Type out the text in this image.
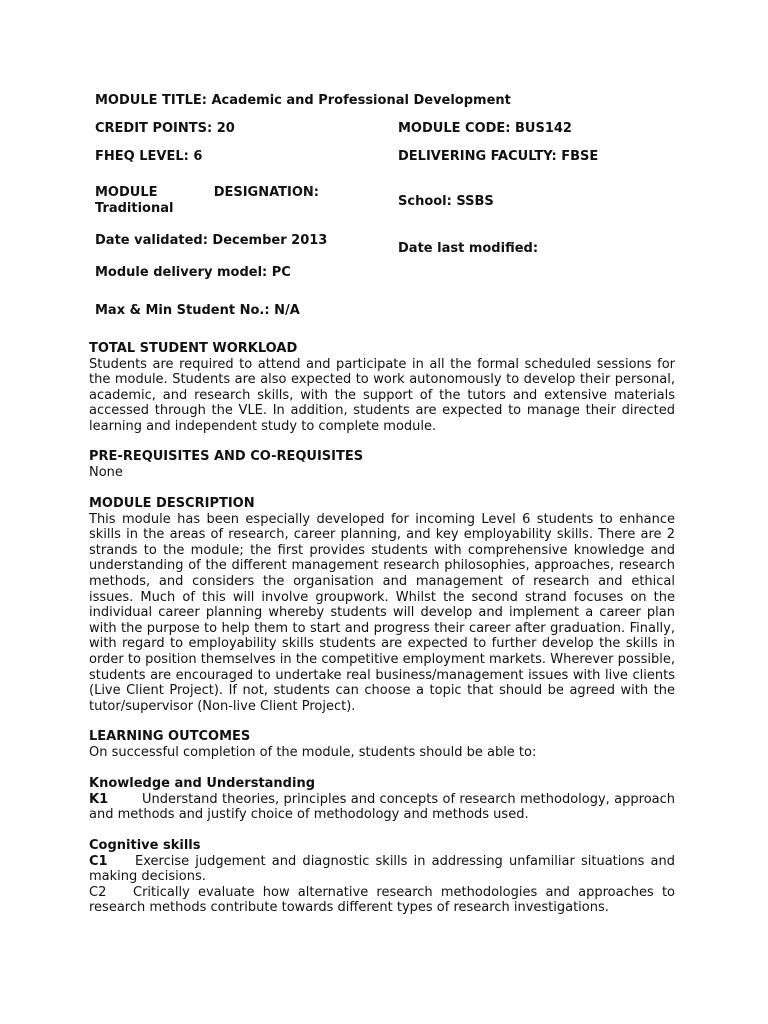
MODULE TITLE: Academic and Professional Development
CREDIT POINTS: 20	MODULE CODE: BUS142
FHEQ LEVEL: 6	DELIVERING FACULTY: FBSE
MODULE	DESIGNATION:
Traditional	School: SSBS
Date validated: December 2013
Date last modified:
Module delivery model: PC
Max & Min Student No.: N/A
TOTAL STUDENT WORKLOAD
Students are required to attend and participate in all the formal scheduled sessions for the module. Students are also expected to work autonomously to develop their personal, academic, and research skills, with the support of the tutors and extensive materials accessed through the VLE. In addition, students are expected to manage their directed learning and independent study to complete module.
PRE-REQUISITES AND CO-REQUISITES
None
MODULE DESCRIPTION
This module has been especially developed for incoming Level 6 students to enhance skills in the areas of research, career planning, and key employability skills. There are 2 strands to the module; the first provides students with comprehensive knowledge and understanding of the different management research philosophies, approaches, research methods, and considers the organisation and management of research and ethical issues. Much of this will involve groupwork. Whilst the second strand focuses on the individual career planning whereby students will develop and implement a career plan with the purpose to help them to start and progress their career after graduation. Finally, with regard to employability skills students are expected to further develop the skills in order to position themselves in the competitive employment markets. Wherever possible, students are encouraged to undertake real business/management issues with live clients (Live Client Project). If not, students can choose a topic that should be agreed with the tutor/supervisor (Non-live Client Project).
LEARNING OUTCOMES
On successful completion of the module, students should be able to:
Knowledge and Understanding
K1	Understand theories, principles and concepts of research methodology, approach and methods and justify choice of methodology and methods used.
Cognitive skills
C1 Exercise judgement and diagnostic skills in addressing unfamiliar situations and making decisions.
C2 Critically evaluate how alternative research methodologies and approaches to research methods contribute towards different types of research investigations.
